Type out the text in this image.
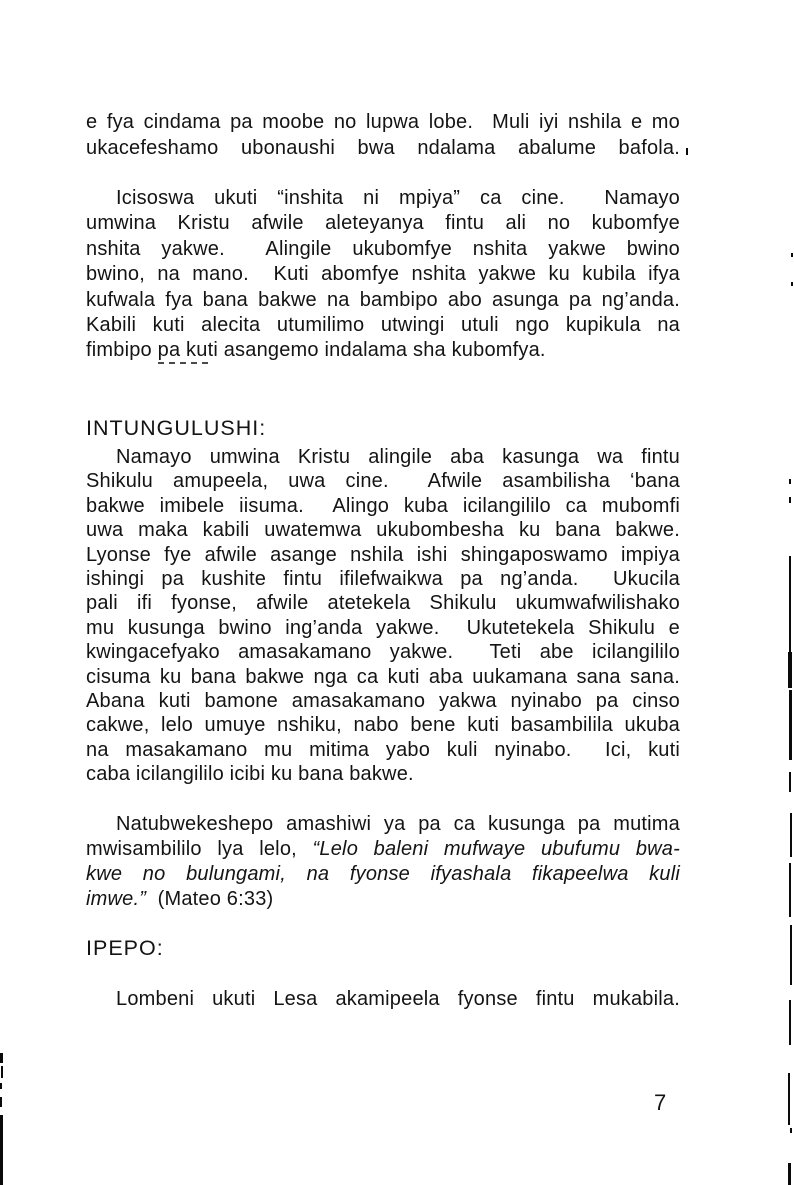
e fya cindama pa moobe no lupwa lobe.  Muli iyi nshila e mo
ukacefeshamo ubonaushi bwa ndalama abalume bafola.
Icisoswa ukuti “inshita ni mpiya” ca cine.  Namayo
umwina Kristu afwile aleteyanya fintu ali no kubomfye
nshita yakwe.  Alingile ukubomfye nshita yakwe bwino
bwino, na mano.  Kuti abomfye nshita yakwe ku kubila ifya
kufwala fya bana bakwe na bambipo abo asunga pa ng’anda.
Kabili kuti alecita utumilimo utwingi utuli ngo kupikula na
fimbipo pa kuti asangemo indalama sha kubomfya.
INTUNGULUSHI:
Namayo umwina Kristu alingile aba kasunga wa fintu
Shikulu amupeela, uwa cine.  Afwile asambilisha ‘bana
bakwe imibele iisuma.  Alingo kuba icilangililo ca mubomfi
uwa maka kabili uwatemwa ukubombesha ku bana bakwe.
Lyonse fye afwile asange nshila ishi shingaposwamo impiya
ishingi pa kushite fintu ifilefwaikwa pa ng’anda.  Ukucila
pali ifi fyonse, afwile atetekela Shikulu ukumwafwilishako
mu kusunga bwino ing’anda yakwe.  Ukutetekela Shikulu e
kwingacefyako amasakamano yakwe.  Teti abe icilangililo
cisuma ku bana bakwe nga ca kuti aba uukamana sana sana.
Abana kuti bamone amasakamano yakwa nyinabo pa cinso
cakwe, lelo umuye nshiku, nabo bene kuti basambilila ukuba
na masakamano mu mitima yabo kuli nyinabo.  Ici, kuti
caba icilangililo icibi ku bana bakwe.
Natubwekeshepo amashiwi ya pa ca kusunga pa mutima
mwisambililo lya lelo, “Lelo baleni mufwaye ubufumu bwa-
kwe no bulungami, na fyonse ifyashala fikapeelwa kuli
imwe.”  (Mateo 6:33)
IPEPO:
Lombeni ukuti Lesa akamipeela fyonse fintu mukabila.
7
